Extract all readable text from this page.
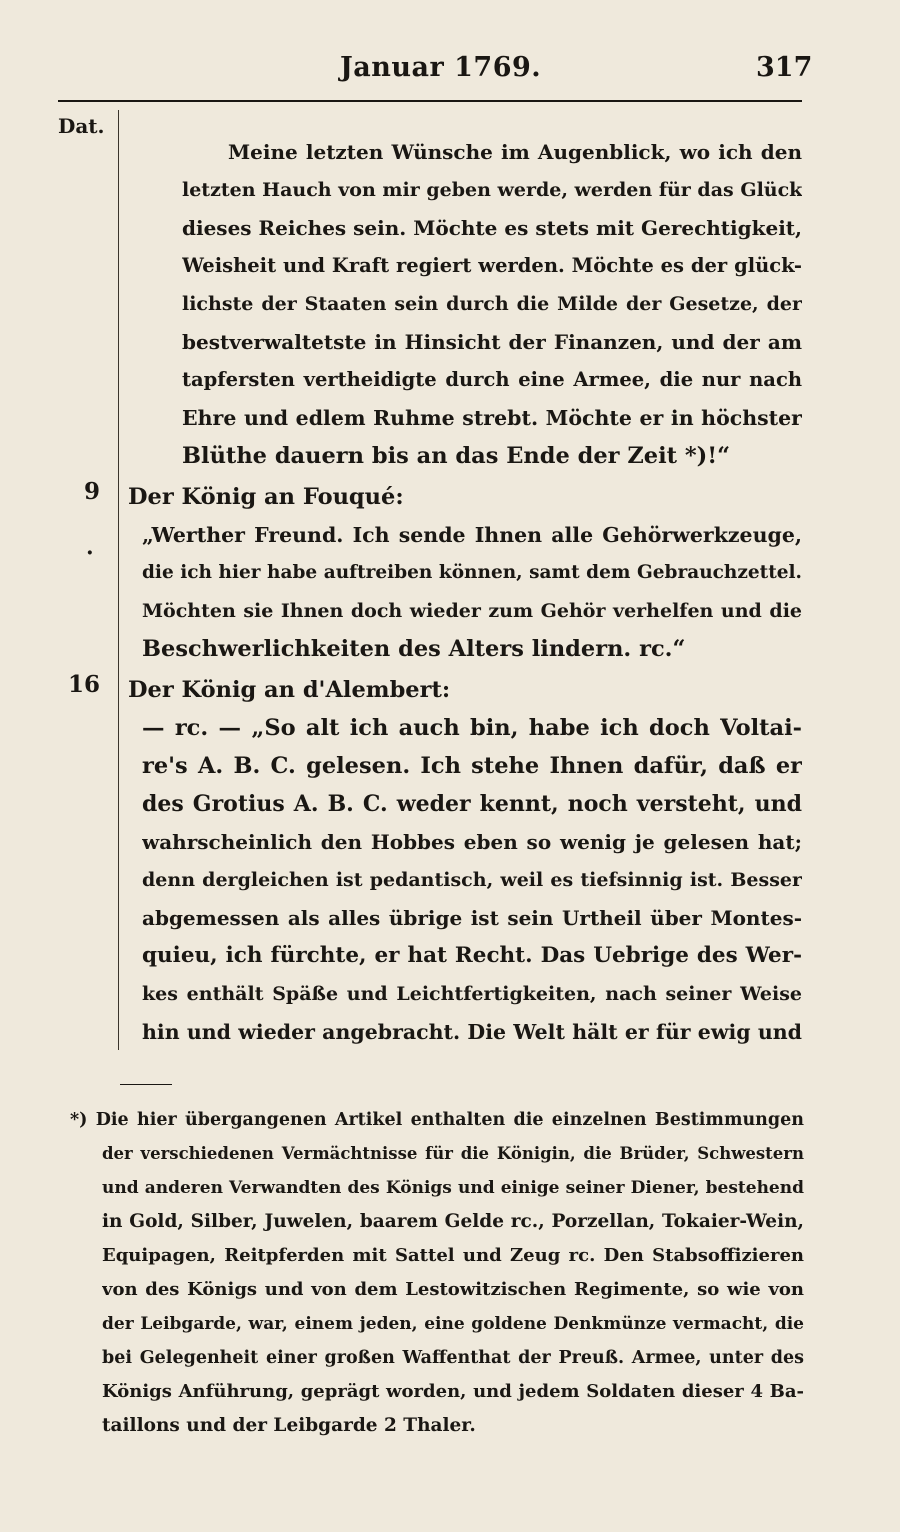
Januar 1769.	317
Dat.
9
·
16
Meine letzten Wünsche im Augenblick, wo ich den
letzten Hauch von mir geben werde, werden für das Glück
dieses Reiches sein. Möchte es stets mit Gerechtigkeit,
Weisheit und Kraft regiert werden. Möchte es der glück-
lichste der Staaten sein durch die Milde der Gesetze, der
bestverwaltetste in Hinsicht der Finanzen, und der am
tapfersten vertheidigte durch eine Armee, die nur nach
Ehre und edlem Ruhme strebt. Möchte er in höchster
Blüthe dauern bis an das Ende der Zeit *)!“
Der König an Fouqué:
„Werther Freund. Ich sende Ihnen alle Gehörwerkzeuge,
die ich hier habe auftreiben können, samt dem Gebrauchzettel.
Möchten sie Ihnen doch wieder zum Gehör verhelfen und die
Beschwerlichkeiten des Alters lindern. rc.“
Der König an d'Alembert:
— rc. — „So alt ich auch bin, habe ich doch Voltai-
re's A. B. C. gelesen. Ich stehe Ihnen dafür, daß er
des Grotius A. B. C. weder kennt, noch versteht, und
wahrscheinlich den Hobbes eben so wenig je gelesen hat;
denn dergleichen ist pedantisch, weil es tiefsinnig ist. Besser
abgemessen als alles übrige ist sein Urtheil über Montes-
quieu, ich fürchte, er hat Recht. Das Uebrige des Wer-
kes enthält Späße und Leichtfertigkeiten, nach seiner Weise
hin und wieder angebracht. Die Welt hält er für ewig und
*) Die hier übergangenen Artikel enthalten die einzelnen Bestimmungen
der verschiedenen Vermächtnisse für die Königin, die Brüder, Schwestern
und anderen Verwandten des Königs und einige seiner Diener, bestehend
in Gold, Silber, Juwelen, baarem Gelde rc., Porzellan, Tokaier-Wein,
Equipagen, Reitpferden mit Sattel und Zeug rc. Den Stabsoffizieren
von des Königs und von dem Lestowitzischen Regimente, so wie von
der Leibgarde, war, einem jeden, eine goldene Denkmünze vermacht, die
bei Gelegenheit einer großen Waffenthat der Preuß. Armee, unter des
Königs Anführung, geprägt worden, und jedem Soldaten dieser 4 Ba-
taillons und der Leibgarde 2 Thaler.
